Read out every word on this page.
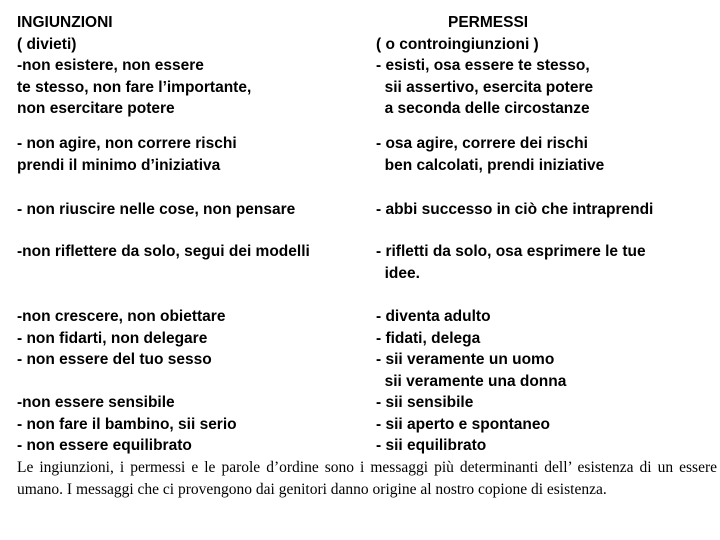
INGIUNZIONI
( divieti)
PERMESSI
( o controingiunzioni )
-non esistere, non essere
te stesso, non fare l’importante,
non esercitare potere
- esisti, osa essere te stesso,
sii assertivo, esercita potere
a seconda delle circostanze
- non agire, non correre rischi
prendi il minimo d’iniziativa
- osa agire, correre dei rischi
ben calcolati, prendi iniziative
- non riuscire nelle cose, non pensare	- abbi successo in ciò che intraprendi
-non riflettere da solo, segui dei modelli	- rifletti da solo, osa esprimere le tue
idee.
-non crescere, non obiettare
- non fidarti, non delegare
- non essere del tuo sesso
- diventa adulto
- fidati, delega
- sii veramente un uomo
sii veramente una donna
-non essere sensibile
- non fare il bambino, sii serio
- non essere equilibrato
- sii sensibile
- sii aperto e spontaneo
- sii equilibrato

Le ingiunzioni, i permessi e le parole d’ordine sono i messaggi più determinanti dell’ esistenza di un essere umano. I messaggi che ci provengono dai genitori danno origine al nostro copione di esistenza.
